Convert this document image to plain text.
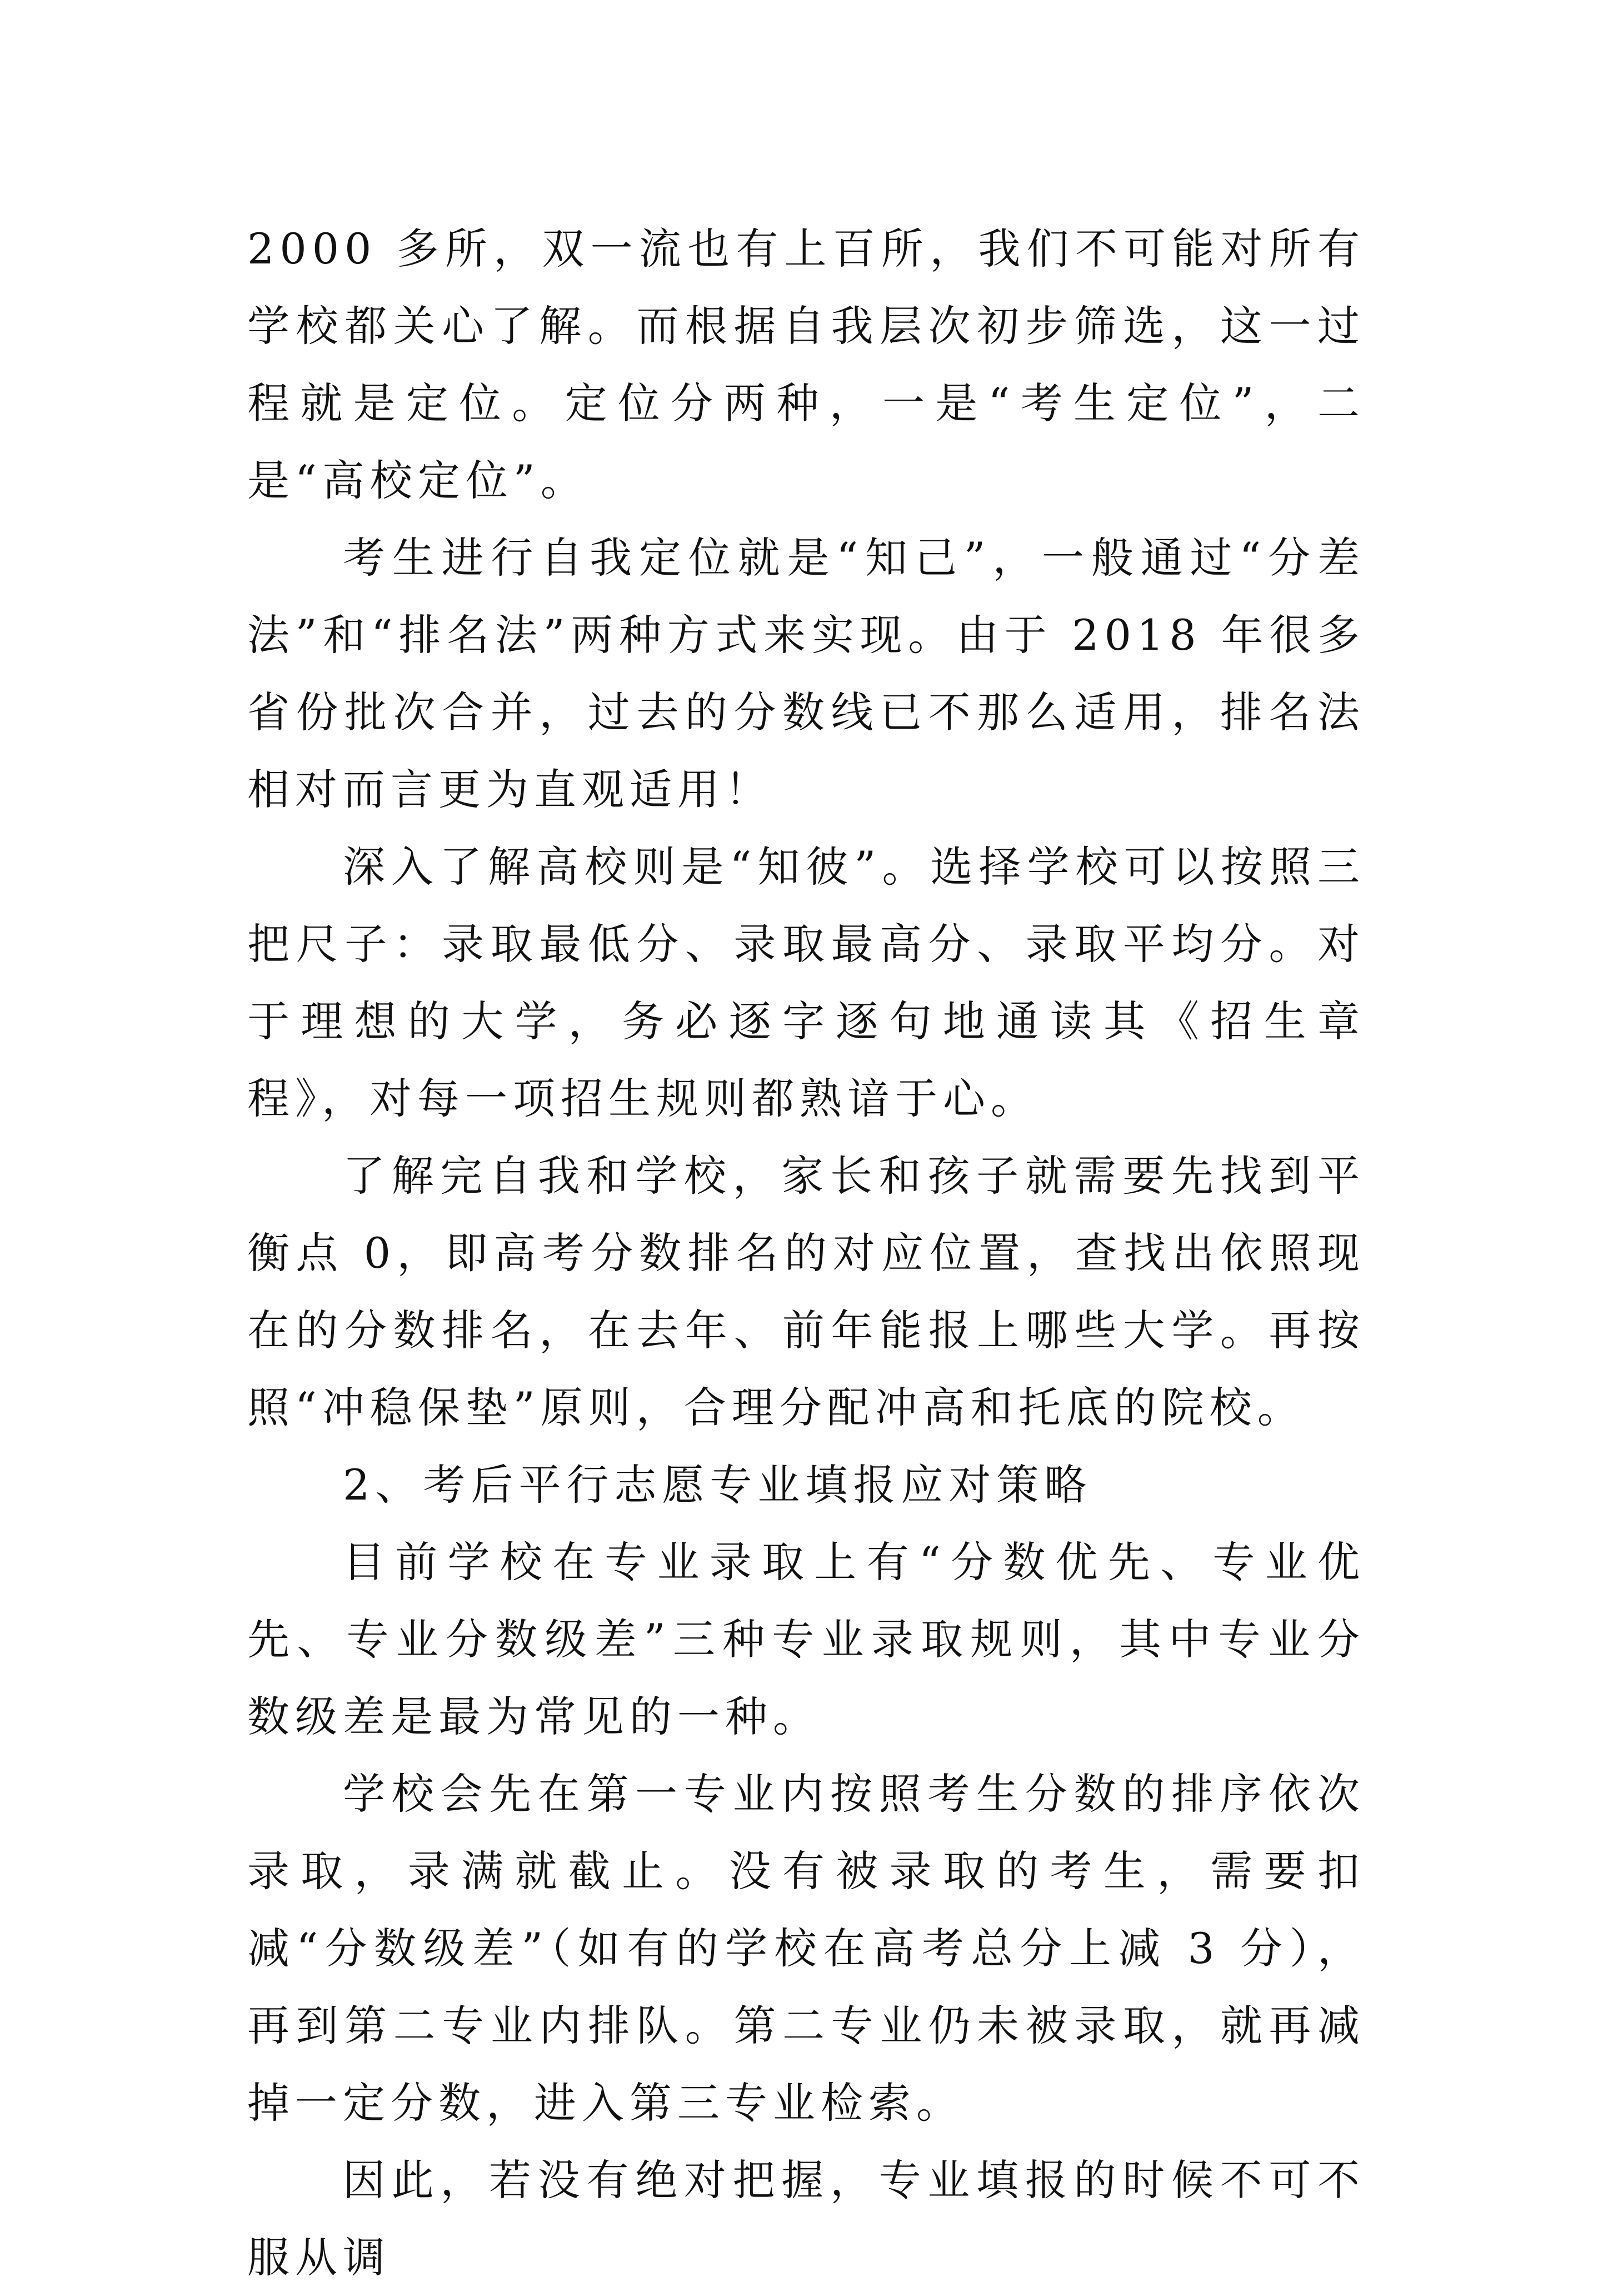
2000 多所，双一流也有上百所，我们不可能对所有学校都关心了解。而根据自我层次初步筛选，这一过程就是定位。定位分两种，一是“考生定位”，二是“高校定位”。

考生进行自我定位就是“知己”，一般通过“分差法”和“排名法”两种方式来实现。由于 2018 年很多省份批次合并，过去的分数线已不那么适用，排名法相对而言更为直观适用！

深入了解高校则是“知彼”。选择学校可以按照三把尺子：录取最低分、录取最高分、录取平均分。对于理想的大学，务必逐字逐句地通读其《招生章程》，对每一项招生规则都熟谙于心。

了解完自我和学校，家长和孩子就需要先找到平衡点 0，即高考分数排名的对应位置，查找出依照现在的分数排名，在去年、前年能报上哪些大学。再按照“冲稳保垫”原则，合理分配冲高和托底的院校。

2、考后平行志愿专业填报应对策略

目前学校在专业录取上有“分数优先、专业优先、专业分数级差”三种专业录取规则，其中专业分数级差是最为常见的一种。

学校会先在第一专业内按照考生分数的排序依次录取，录满就截止。没有被录取的考生，需要扣减“分数级差”（如有的学校在高考总分上减 3 分），再到第二专业内排队。第二专业仍未被录取，就再减掉一定分数，进入第三专业检索。

因此，若没有绝对把握，专业填报的时候不可不服从调
